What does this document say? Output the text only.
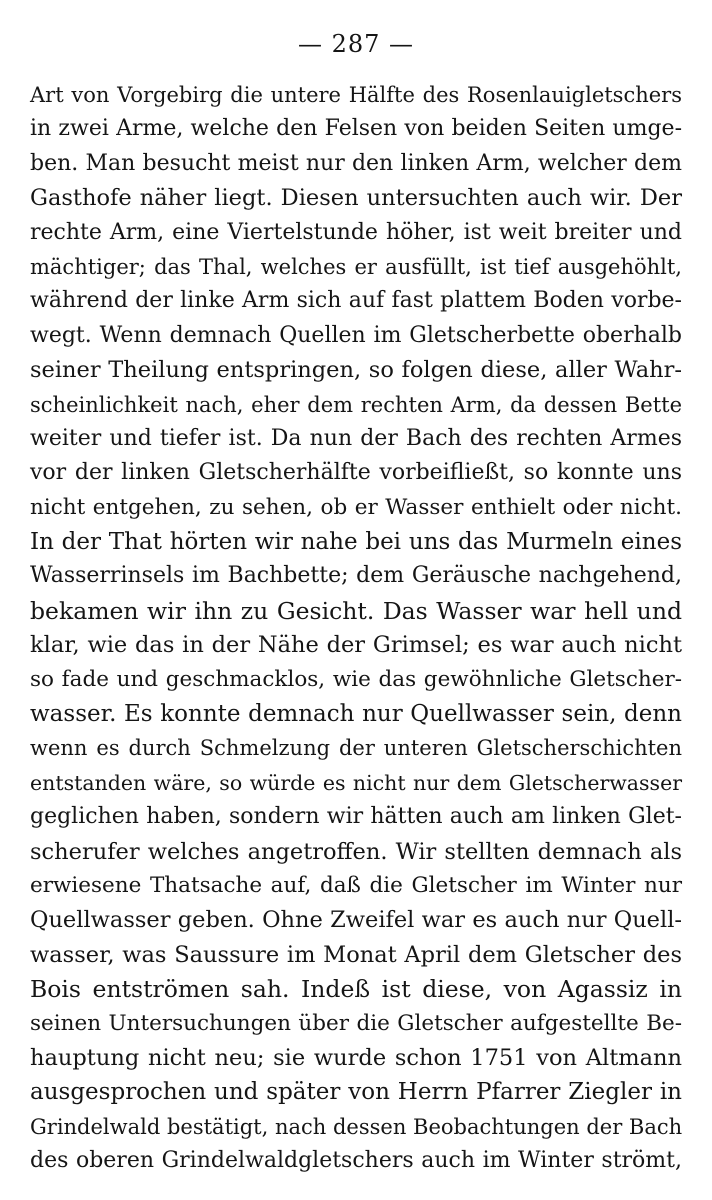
— 287 —
Art von Vorgebirg die untere Hälfte des Rosenlauigletschers
in zwei Arme, welche den Felsen von beiden Seiten umge-
ben. Man besucht meist nur den linken Arm, welcher dem
Gasthofe näher liegt. Diesen untersuchten auch wir. Der
rechte Arm, eine Viertelstunde höher, ist weit breiter und
mächtiger; das Thal, welches er ausfüllt, ist tief ausgehöhlt,
während der linke Arm sich auf fast plattem Boden vorbe-
wegt. Wenn demnach Quellen im Gletscherbette oberhalb
seiner Theilung entspringen, so folgen diese, aller Wahr-
scheinlichkeit nach, eher dem rechten Arm, da dessen Bette
weiter und tiefer ist. Da nun der Bach des rechten Armes
vor der linken Gletscherhälfte vorbeifließt, so konnte uns
nicht entgehen, zu sehen, ob er Wasser enthielt oder nicht.
In der That hörten wir nahe bei uns das Murmeln eines
Wasserrinsels im Bachbette; dem Geräusche nachgehend,
bekamen wir ihn zu Gesicht. Das Wasser war hell und
klar, wie das in der Nähe der Grimsel; es war auch nicht
so fade und geschmacklos, wie das gewöhnliche Gletscher-
wasser. Es konnte demnach nur Quellwasser sein, denn
wenn es durch Schmelzung der unteren Gletscherschichten
entstanden wäre, so würde es nicht nur dem Gletscherwasser
geglichen haben, sondern wir hätten auch am linken Glet-
scherufer welches angetroffen. Wir stellten demnach als
erwiesene Thatsache auf, daß die Gletscher im Winter nur
Quellwasser geben. Ohne Zweifel war es auch nur Quell-
wasser, was Saussure im Monat April dem Gletscher des
Bois entströmen sah. Indeß ist diese, von Agassiz in
seinen Untersuchungen über die Gletscher aufgestellte Be-
hauptung nicht neu; sie wurde schon 1751 von Altmann
ausgesprochen und später von Herrn Pfarrer Ziegler in
Grindelwald bestätigt, nach dessen Beobachtungen der Bach
des oberen Grindelwaldgletschers auch im Winter strömt,
